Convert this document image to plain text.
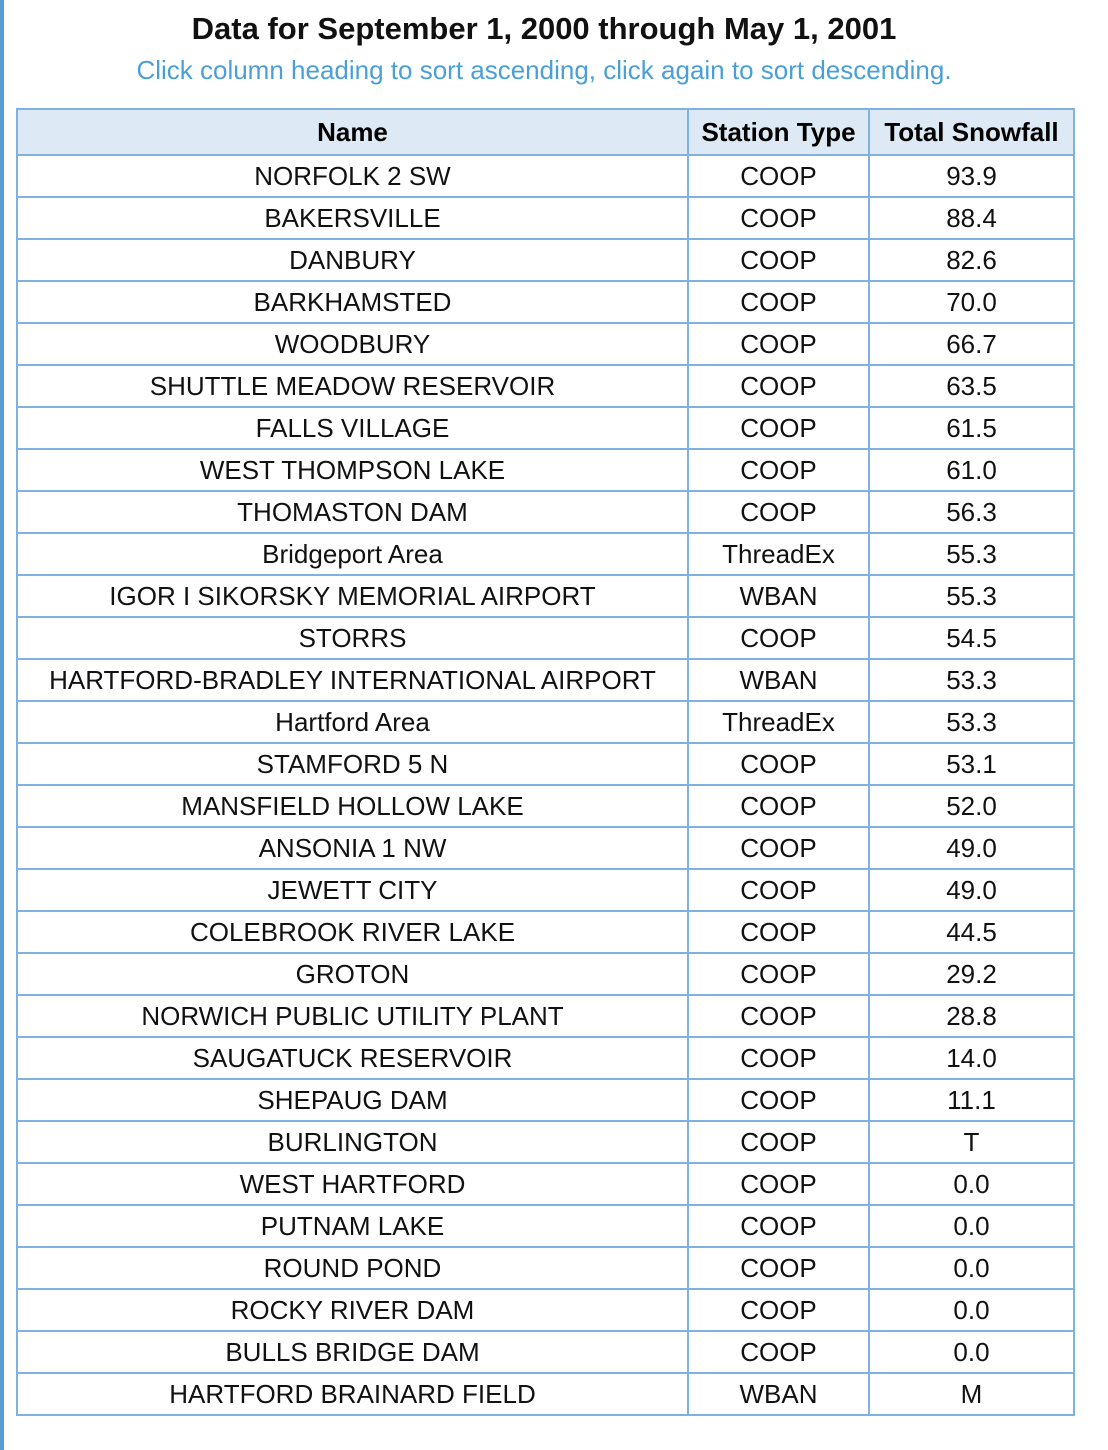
Data for September 1, 2000 through May 1, 2001
Click column heading to sort ascending, click again to sort descending.
Name	Station Type	Total Snowfall
NORFOLK 2 SW	COOP	93.9
BAKERSVILLE	COOP	88.4
DANBURY	COOP	82.6
BARKHAMSTED	COOP	70.0
WOODBURY	COOP	66.7
SHUTTLE MEADOW RESERVOIR	COOP	63.5
FALLS VILLAGE	COOP	61.5
WEST THOMPSON LAKE	COOP	61.0
THOMASTON DAM	COOP	56.3
Bridgeport Area	ThreadEx	55.3
IGOR I SIKORSKY MEMORIAL AIRPORT	WBAN	55.3
STORRS	COOP	54.5
HARTFORD-BRADLEY INTERNATIONAL AIRPORT	WBAN	53.3
Hartford Area	ThreadEx	53.3
STAMFORD 5 N	COOP	53.1
MANSFIELD HOLLOW LAKE	COOP	52.0
ANSONIA 1 NW	COOP	49.0
JEWETT CITY	COOP	49.0
COLEBROOK RIVER LAKE	COOP	44.5
GROTON	COOP	29.2
NORWICH PUBLIC UTILITY PLANT	COOP	28.8
SAUGATUCK RESERVOIR	COOP	14.0
SHEPAUG DAM	COOP	11.1
BURLINGTON	COOP	T
WEST HARTFORD	COOP	0.0
PUTNAM LAKE	COOP	0.0
ROUND POND	COOP	0.0
ROCKY RIVER DAM	COOP	0.0
BULLS BRIDGE DAM	COOP	0.0
HARTFORD BRAINARD FIELD	WBAN	M
